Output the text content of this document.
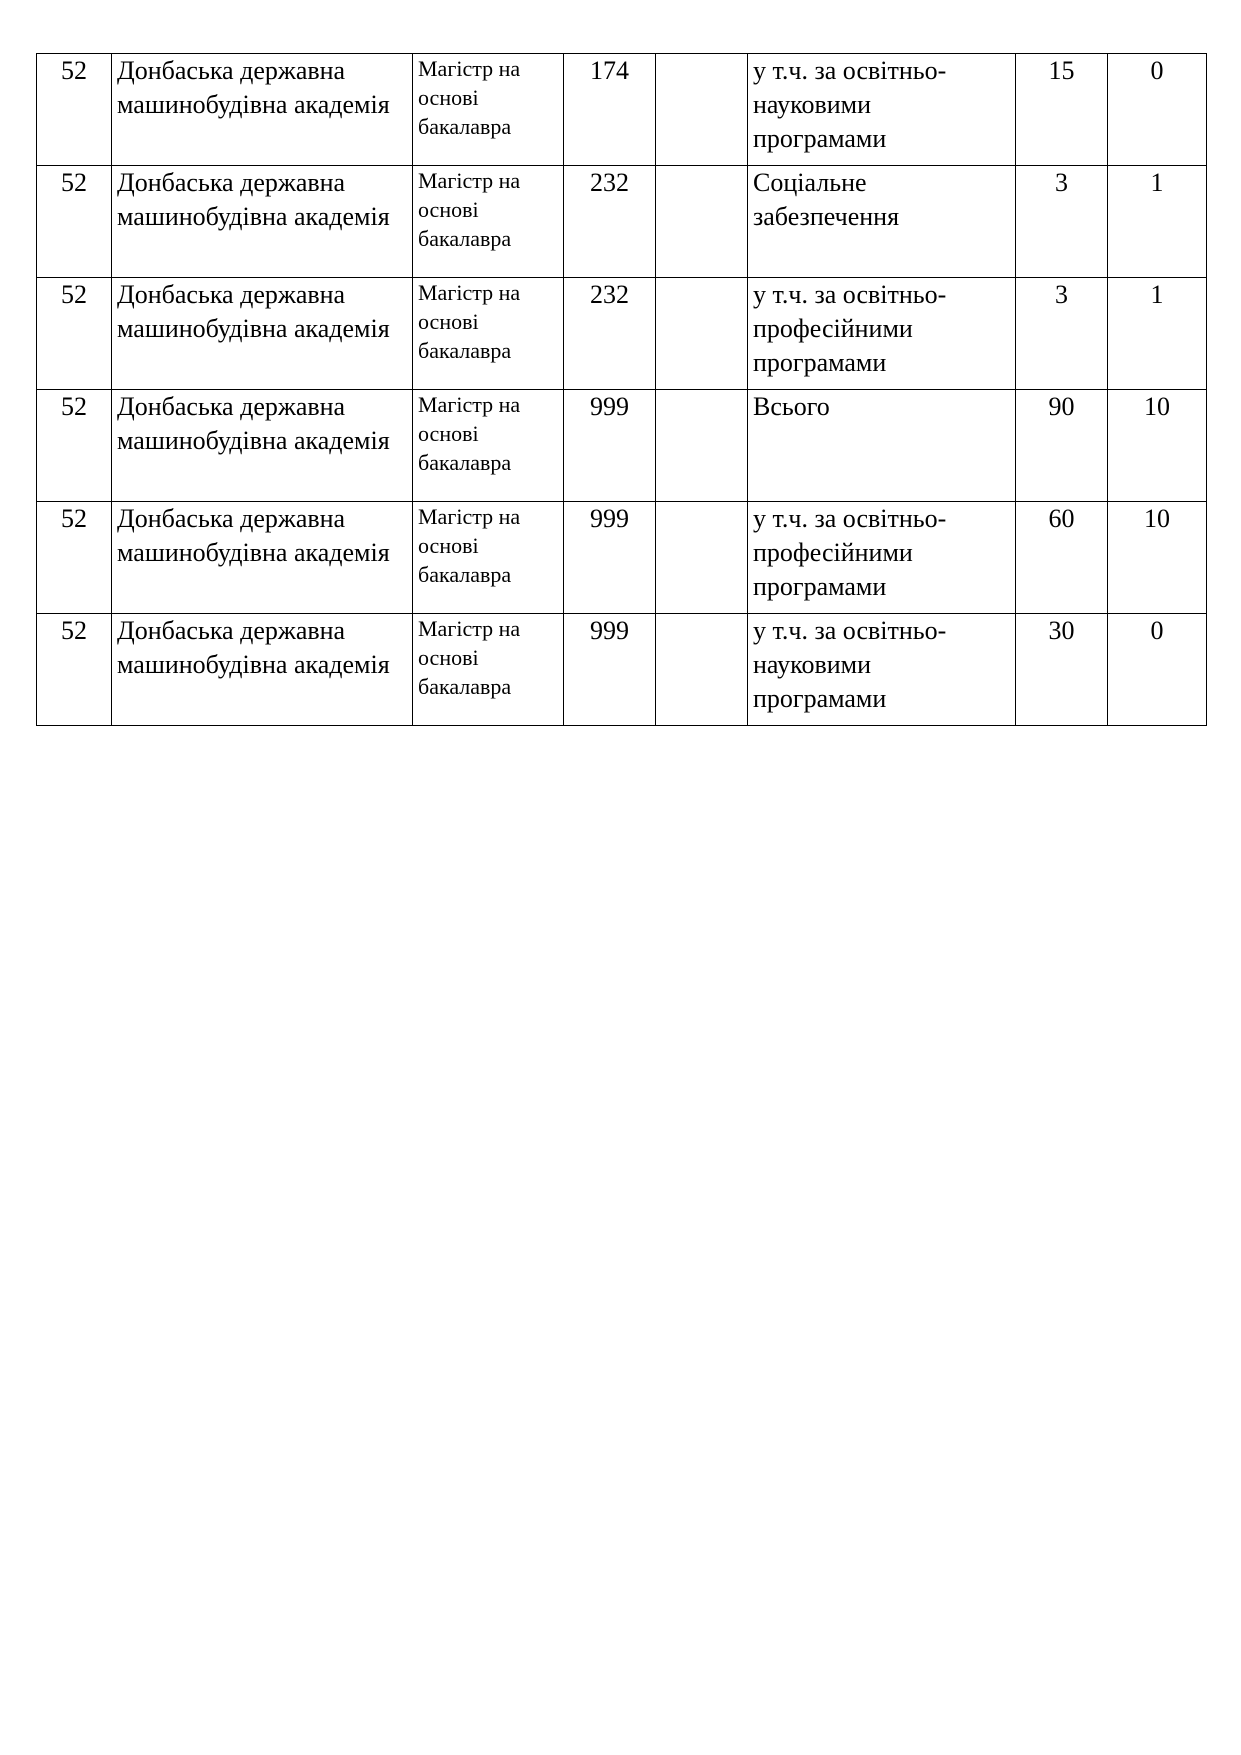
52	Донбаська державна
машинобудівна академія	Магістр на
основі
бакалавра	174		у т.ч. за освітньо-
науковими
програмами	15	0

52	Донбаська державна
машинобудівна академія	Магістр на
основі
бакалавра	232		Соціальне
забезпечення	3	1

52	Донбаська державна
машинобудівна академія	Магістр на
основі
бакалавра	232		у т.ч. за освітньо-
професійними
програмами	3	1

52	Донбаська державна
машинобудівна академія	Магістр на
основі
бакалавра	999		Всього	90	10

52	Донбаська державна
машинобудівна академія	Магістр на
основі
бакалавра	999		у т.ч. за освітньо-
професійними
програмами	60	10

52	Донбаська державна
машинобудівна академія	Магістр на
основі
бакалавра	999		у т.ч. за освітньо-
науковими
програмами	30	0
